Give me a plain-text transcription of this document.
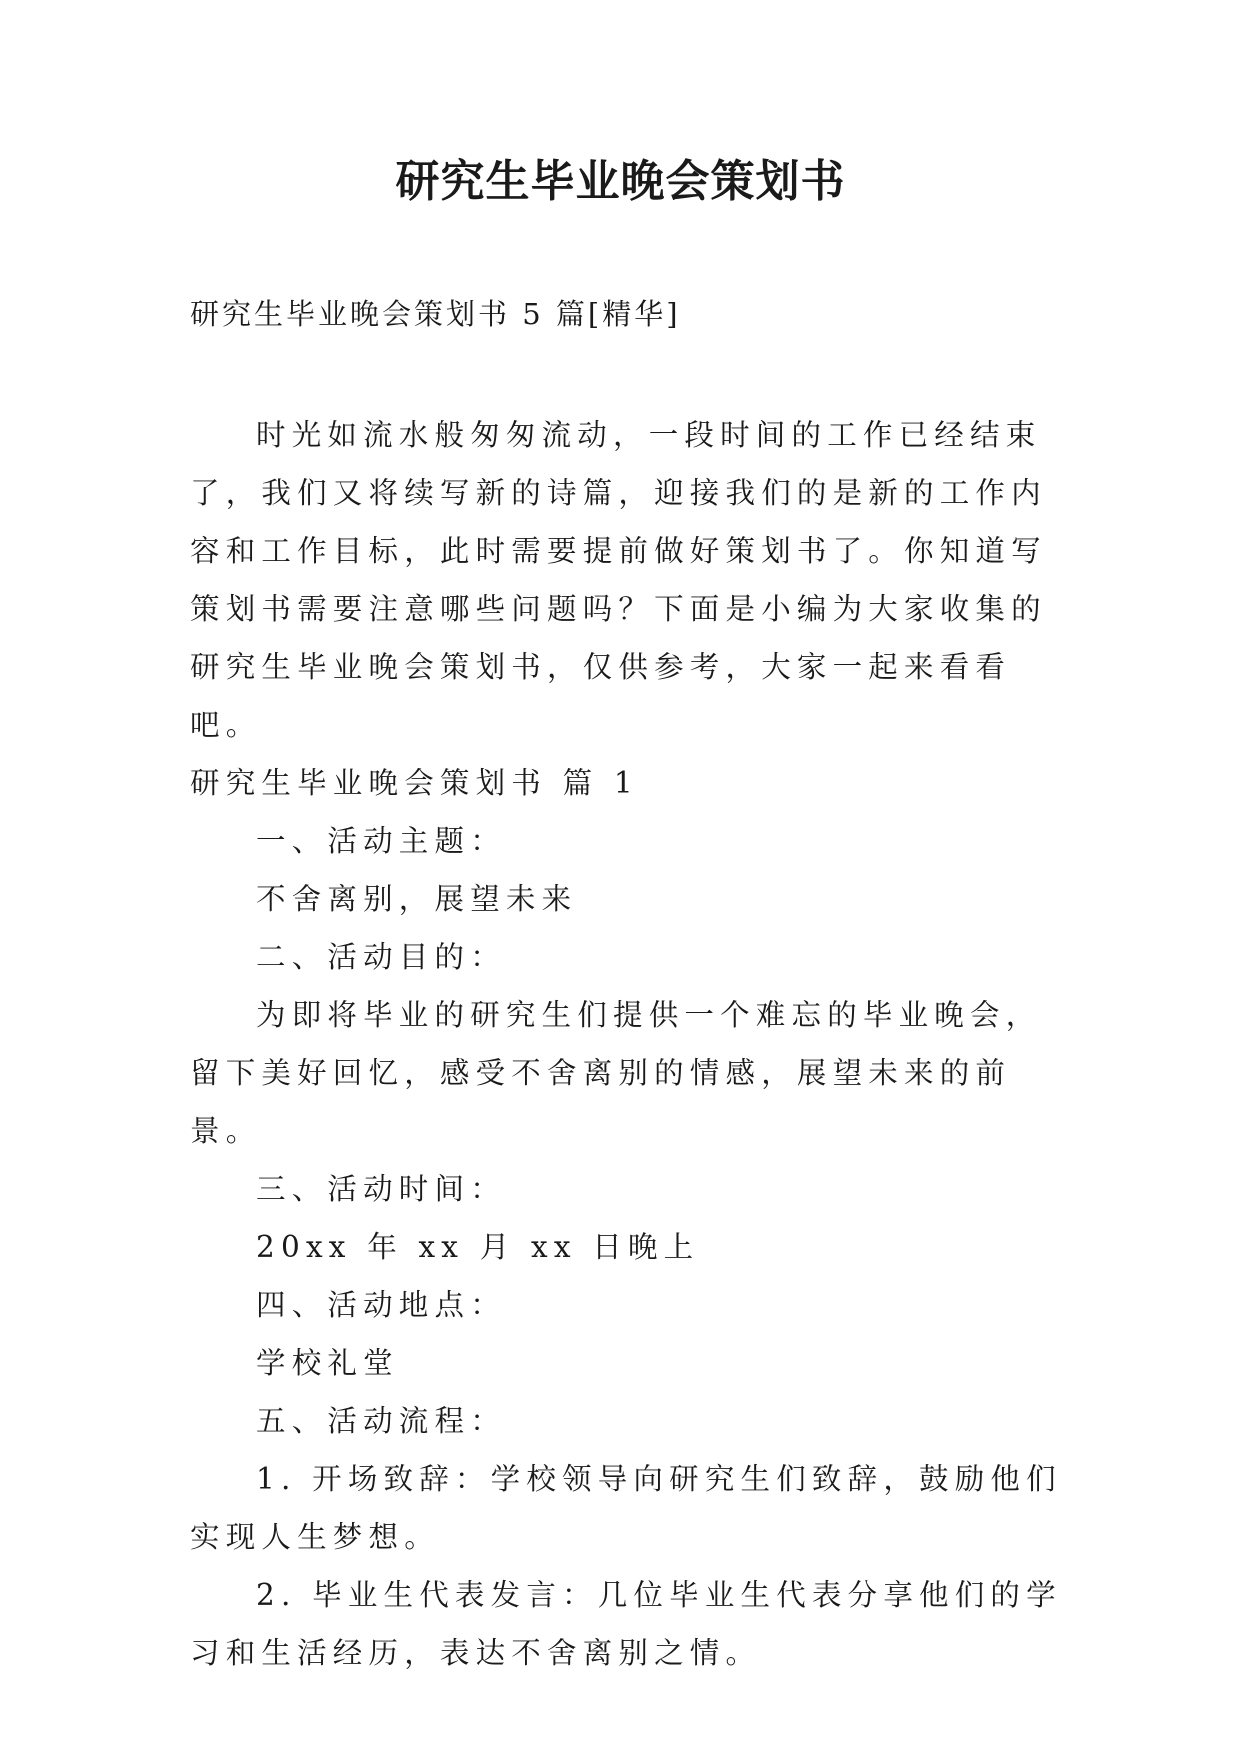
研究生毕业晚会策划书

研究生毕业晚会策划书 5 篇[精华]

时光如流水般匆匆流动，一段时间的工作已经结束了，我们又将续写新的诗篇，迎接我们的是新的工作内容和工作目标，此时需要提前做好策划书了。你知道写策划书需要注意哪些问题吗？下面是小编为大家收集的研究生毕业晚会策划书，仅供参考，大家一起来看看吧。

研究生毕业晚会策划书 篇 1

一、活动主题：

不舍离别，展望未来

二、活动目的：

为即将毕业的研究生们提供一个难忘的毕业晚会，留下美好回忆，感受不舍离别的情感，展望未来的前景。

三、活动时间：

20xx 年 xx 月 xx 日晚上

四、活动地点：

学校礼堂

五、活动流程：

1. 开场致辞：学校领导向研究生们致辞，鼓励他们实现人生梦想。

2. 毕业生代表发言：几位毕业生代表分享他们的学习和生活经历，表达不舍离别之情。
